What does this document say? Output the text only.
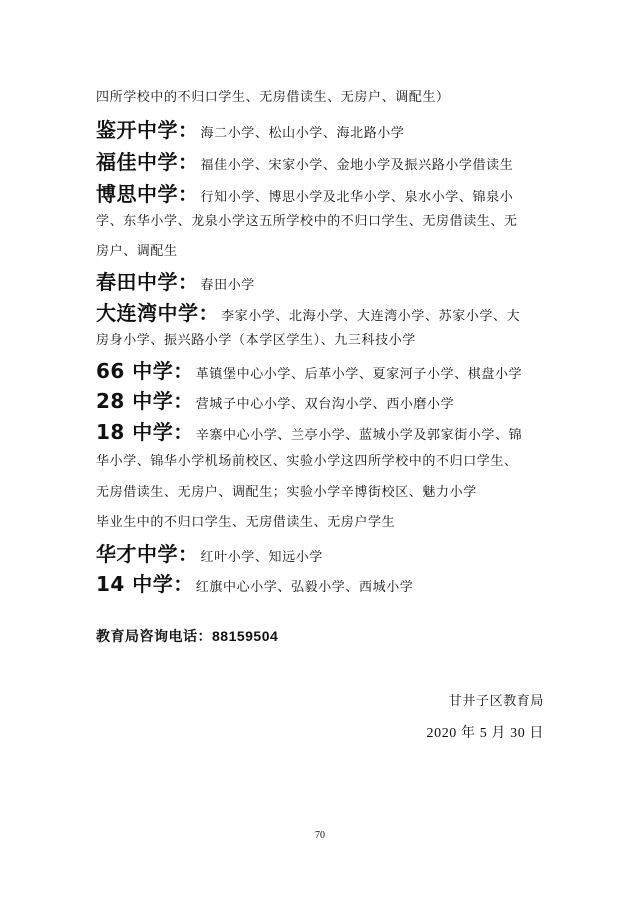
四所学校中的不归口学生、无房借读生、无房户、调配生）
鉴开中学： 海二小学、松山小学、海北路小学
福佳中学： 福佳小学、宋家小学、金地小学及振兴路小学借读生
博思中学： 行知小学、博思小学及北华小学、泉水小学、锦泉小
学、东华小学、龙泉小学这五所学校中的不归口学生、无房借读生、无
房户、调配生
春田中学： 春田小学
大连湾中学： 李家小学、北海小学、大连湾小学、苏家小学、大
房身小学、振兴路小学（本学区学生）、九三科技小学
66 中学： 革镇堡中心小学、后革小学、夏家河子小学、棋盘小学
28 中学： 营城子中心小学、双台沟小学、西小磨小学
18 中学： 辛寨中心小学、兰亭小学、蓝城小学及郭家街小学、锦
华小学、锦华小学机场前校区、实验小学这四所学校中的不归口学生、
无房借读生、无房户、调配生；实验小学辛博街校区、魅力小学
毕业生中的不归口学生、无房借读生、无房户学生
华才中学： 红叶小学、知远小学
14 中学： 红旗中心小学、弘毅小学、西城小学
教育局咨询电话：88159504
甘井子区教育局
2020 年 5 月 30 日
70
